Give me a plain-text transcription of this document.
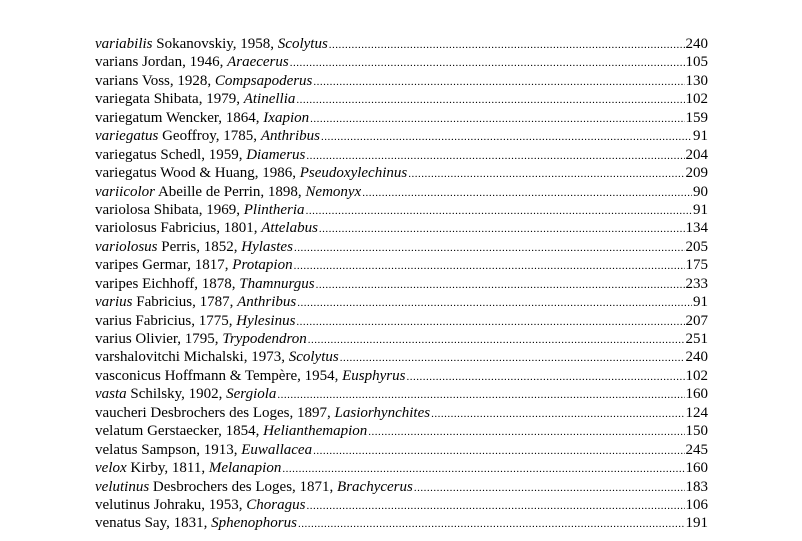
variabilis Sokanovskiy, 1958, Scolytus .....	240
varians Jordan, 1946, Araecerus .....	105
varians Voss, 1928, Compsapoderus .....	130
variegata Shibata, 1979, Atinellia .....	102
variegatum Wencker, 1864, Ixapion .....	159
variegatus Geoffroy, 1785, Anthribus .....	91
variegatus Schedl, 1959, Diamerus .....	204
variegatus Wood & Huang, 1986, Pseudoxylechinus .....	209
variicolor Abeille de Perrin, 1898, Nemonyx .....	90
variolosa Shibata, 1969, Plintheria .....	91
variolosus Fabricius, 1801, Attelabus .....	134
variolosus Perris, 1852, Hylastes .....	205
varipes Germar, 1817, Protapion .....	175
varipes Eichhoff, 1878, Thamnurgus .....	233
varius Fabricius, 1787, Anthribus .....	91
varius Fabricius, 1775, Hylesinus .....	207
varius Olivier, 1795, Trypodendron .....	251
varshalovitchi Michalski, 1973, Scolytus .....	240
vasconicus Hoffmann & Tempère, 1954, Eusphyrus .....	102
vasta Schilsky, 1902, Sergiola .....	160
vaucheri Desbrochers des Loges, 1897, Lasiorhynchites .....	124
velatum Gerstaecker, 1854, Helianthemapion .....	150
velatus Sampson, 1913, Euwallacea .....	245
velox Kirby, 1811, Melanapion .....	160
velutinus Desbrochers des Loges, 1871, Brachycerus .....	183
velutinus Johraku, 1953, Choragus .....	106
venatus Say, 1831, Sphenophorus .....	191
